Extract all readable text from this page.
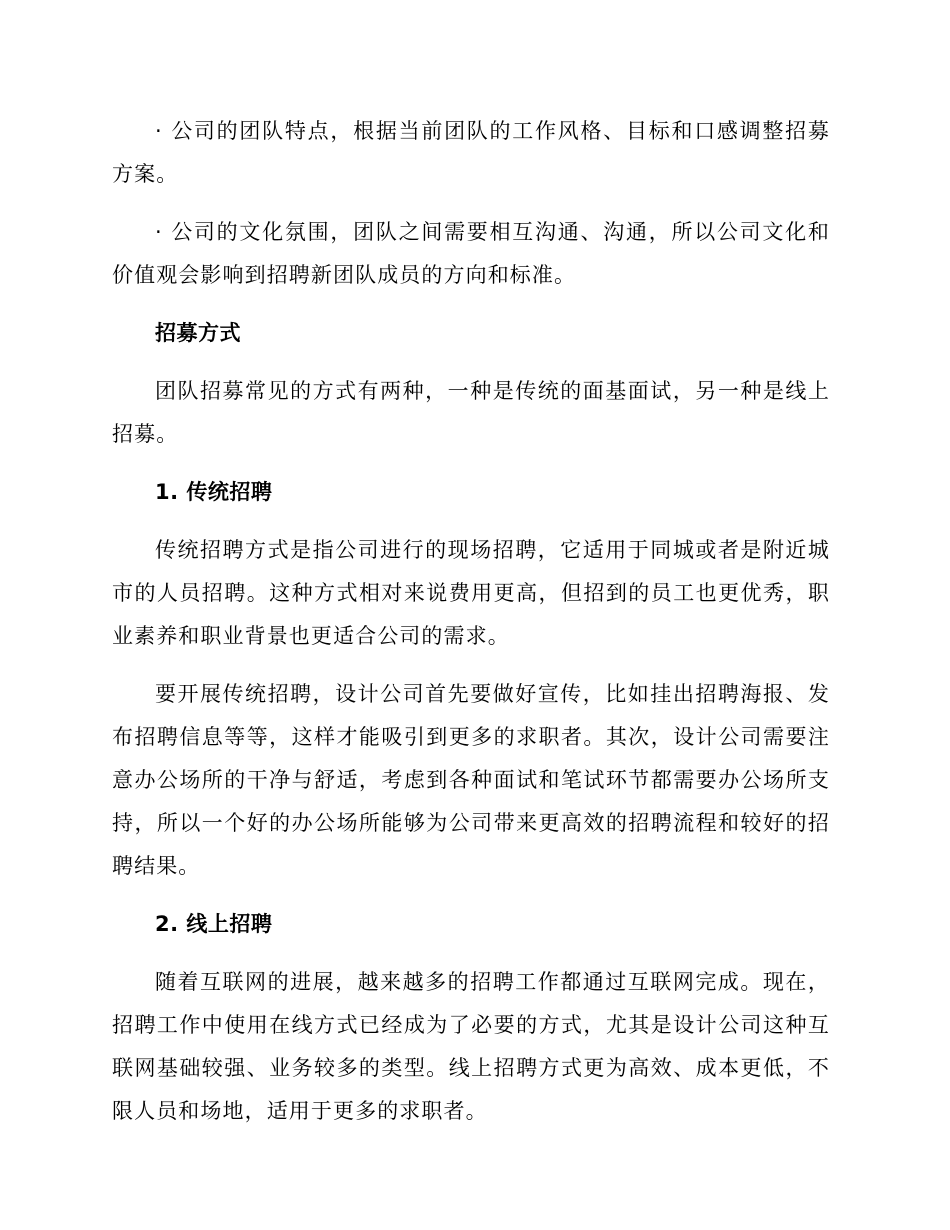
· 公司的团队特点，根据当前团队的工作风格、目标和口感调整招募方案。

· 公司的文化氛围，团队之间需要相互沟通、沟通，所以公司文化和价值观会影响到招聘新团队成员的方向和标准。

招募方式

团队招募常见的方式有两种，一种是传统的面基面试，另一种是线上招募。

1. 传统招聘

传统招聘方式是指公司进行的现场招聘，它适用于同城或者是附近城市的人员招聘。这种方式相对来说费用更高，但招到的员工也更优秀，职业素养和职业背景也更适合公司的需求。

要开展传统招聘，设计公司首先要做好宣传，比如挂出招聘海报、发布招聘信息等等，这样才能吸引到更多的求职者。其次，设计公司需要注意办公场所的干净与舒适，考虑到各种面试和笔试环节都需要办公场所支持，所以一个好的办公场所能够为公司带来更高效的招聘流程和较好的招聘结果。

2. 线上招聘

随着互联网的进展，越来越多的招聘工作都通过互联网完成。现在，招聘工作中使用在线方式已经成为了必要的方式，尤其是设计公司这种互联网基础较强、业务较多的类型。线上招聘方式更为高效、成本更低，不限人员和场地，适用于更多的求职者。
